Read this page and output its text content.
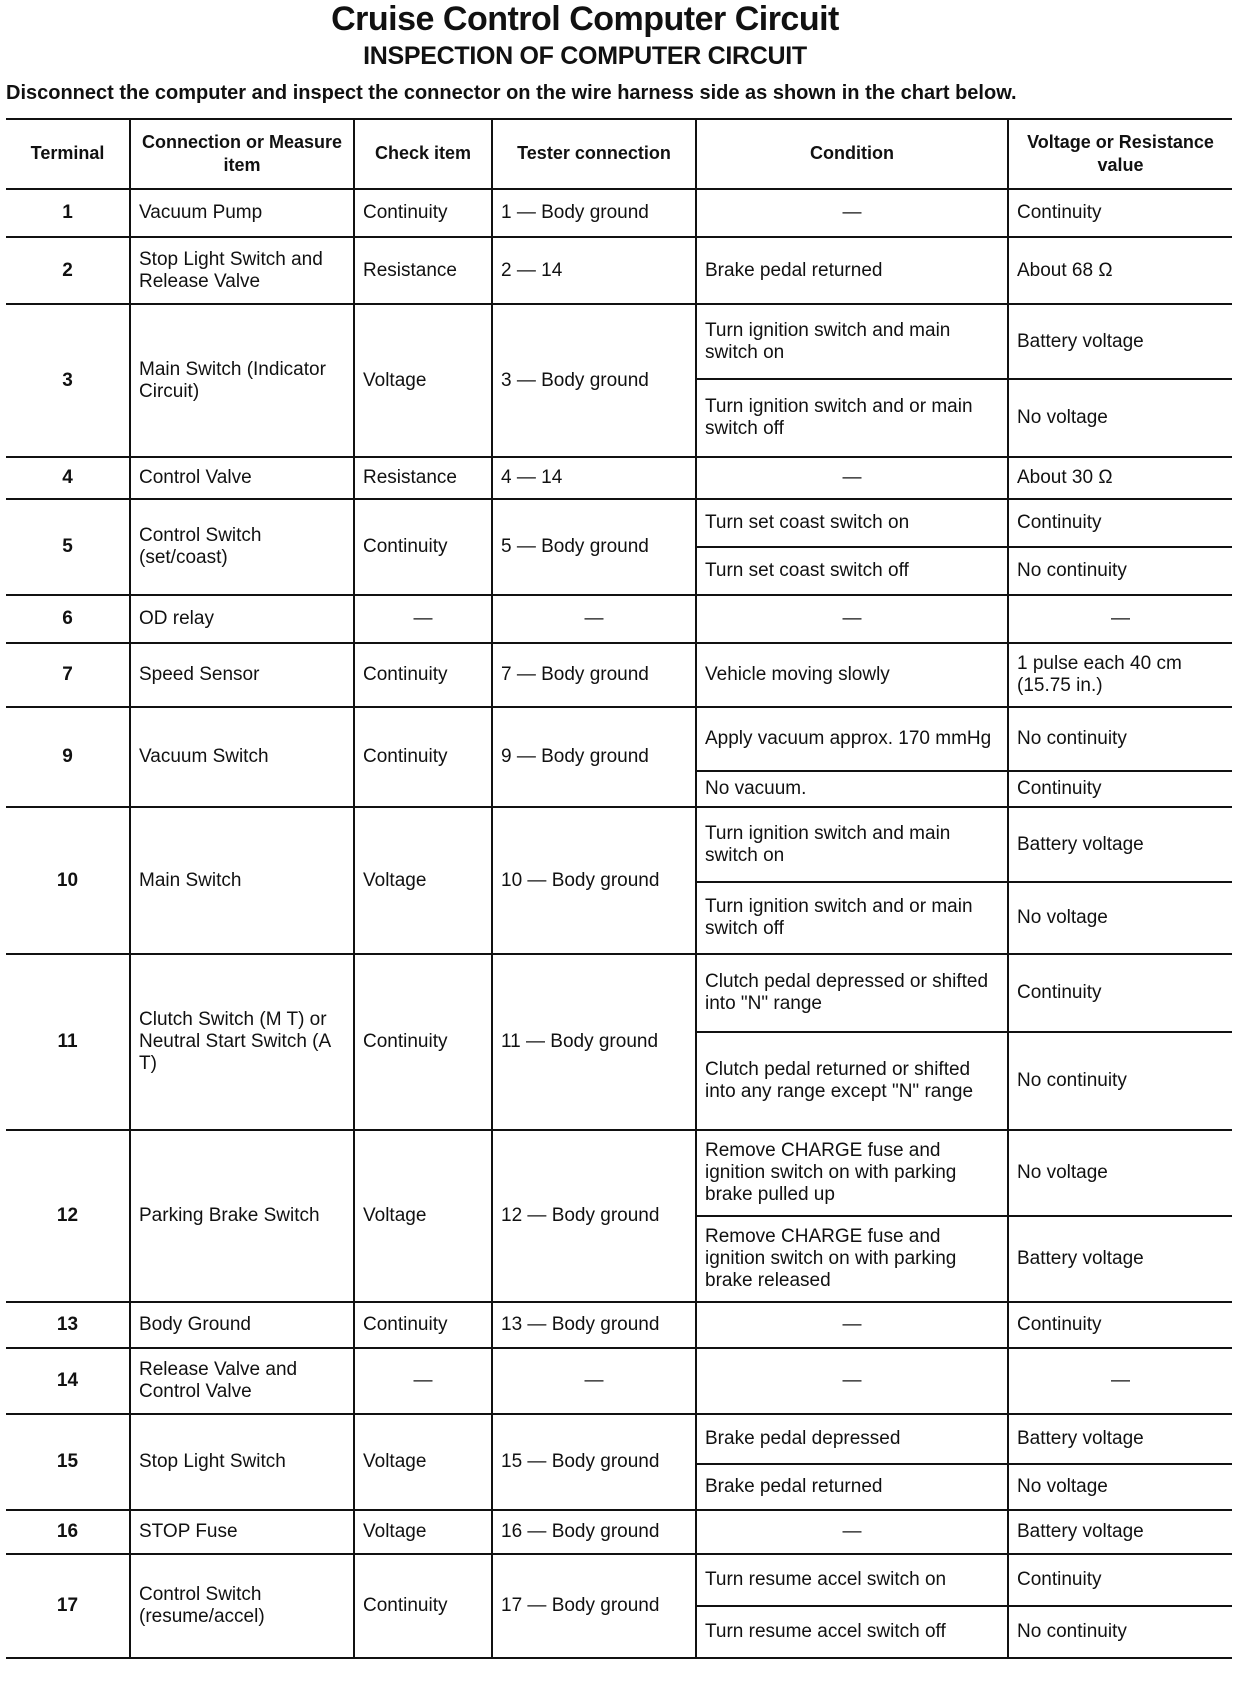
Cruise Control Computer Circuit
INSPECTION OF COMPUTER CIRCUIT
Disconnect the computer and inspect the connector on the wire harness side as shown in the chart below.
Terminal	Connection or Measure item	Check item	Tester connection	Condition	Voltage or Resistance value
1	Vacuum Pump	Continuity	1 — Body ground	—	Continuity
2	Stop Light Switch and Release Valve	Resistance	2 — 14	Brake pedal returned	About 68 Ω
3	Main Switch (Indicator Circuit)	Voltage	3 — Body ground	Turn ignition switch and main switch on	Battery voltage
				Turn ignition switch and or main switch off	No voltage
4	Control Valve	Resistance	4 — 14	—	About 30 Ω
5	Control Switch (set/coast)	Continuity	5 — Body ground	Turn set coast switch on	Continuity
				Turn set coast switch off	No continuity
6	OD relay	—	—	—	—
7	Speed Sensor	Continuity	7 — Body ground	Vehicle moving slowly	1 pulse each 40 cm (15.75 in.)
9	Vacuum Switch	Continuity	9 — Body ground	Apply vacuum approx. 170 mmHg	No continuity
				No vacuum.	Continuity
10	Main Switch	Voltage	10 — Body ground	Turn ignition switch and main switch on	Battery voltage
				Turn ignition switch and or main switch off	No voltage
11	Clutch Switch (M T) or Neutral Start Switch (A T)	Continuity	11 — Body ground	Clutch pedal depressed or shifted into "N" range	Continuity
				Clutch pedal returned or shifted into any range except "N" range	No continuity
12	Parking Brake Switch	Voltage	12 — Body ground	Remove CHARGE fuse and ignition switch on with parking brake pulled up	No voltage
				Remove CHARGE fuse and ignition switch on with parking brake released	Battery voltage
13	Body Ground	Continuity	13 — Body ground	—	Continuity
14	Release Valve and Control Valve	—	—	—	—
15	Stop Light Switch	Voltage	15 — Body ground	Brake pedal depressed	Battery voltage
				Brake pedal returned	No voltage
16	STOP Fuse	Voltage	16 — Body ground	—	Battery voltage
17	Control Switch (resume/accel)	Continuity	17 — Body ground	Turn resume accel switch on	Continuity
				Turn resume accel switch off	No continuity
